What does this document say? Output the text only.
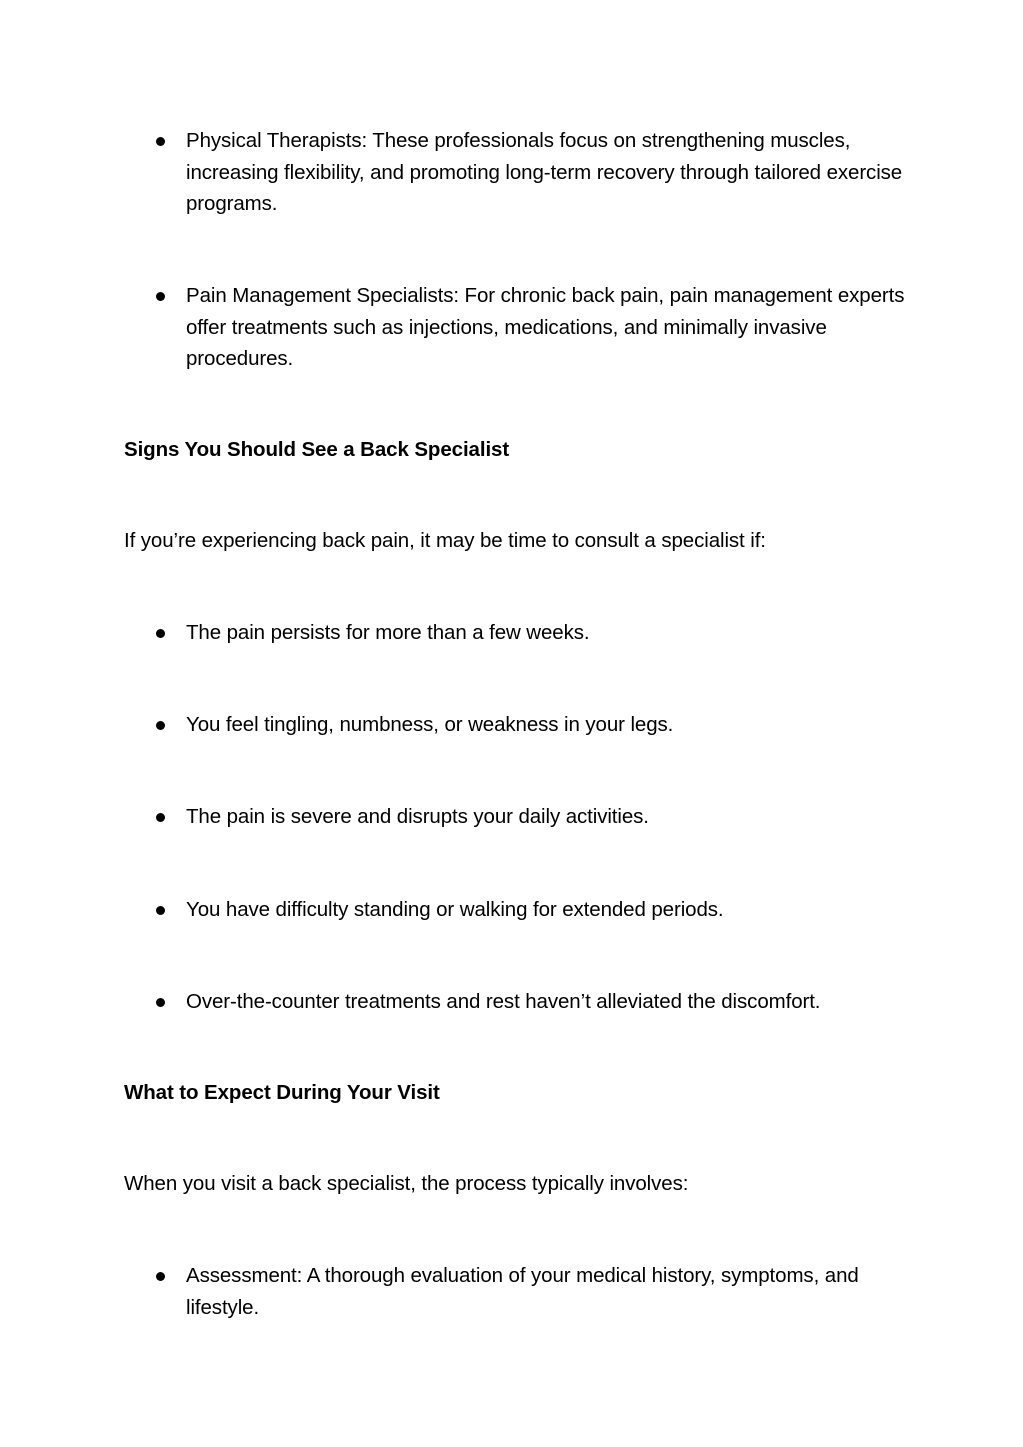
Physical Therapists: These professionals focus on strengthening muscles, increasing flexibility, and promoting long-term recovery through tailored exercise programs.
Pain Management Specialists: For chronic back pain, pain management experts offer treatments such as injections, medications, and minimally invasive procedures.
Signs You Should See a Back Specialist
If you’re experiencing back pain, it may be time to consult a specialist if:
The pain persists for more than a few weeks.
You feel tingling, numbness, or weakness in your legs.
The pain is severe and disrupts your daily activities.
You have difficulty standing or walking for extended periods.
Over-the-counter treatments and rest haven’t alleviated the discomfort.
What to Expect During Your Visit
When you visit a back specialist, the process typically involves:
Assessment: A thorough evaluation of your medical history, symptoms, and lifestyle.
